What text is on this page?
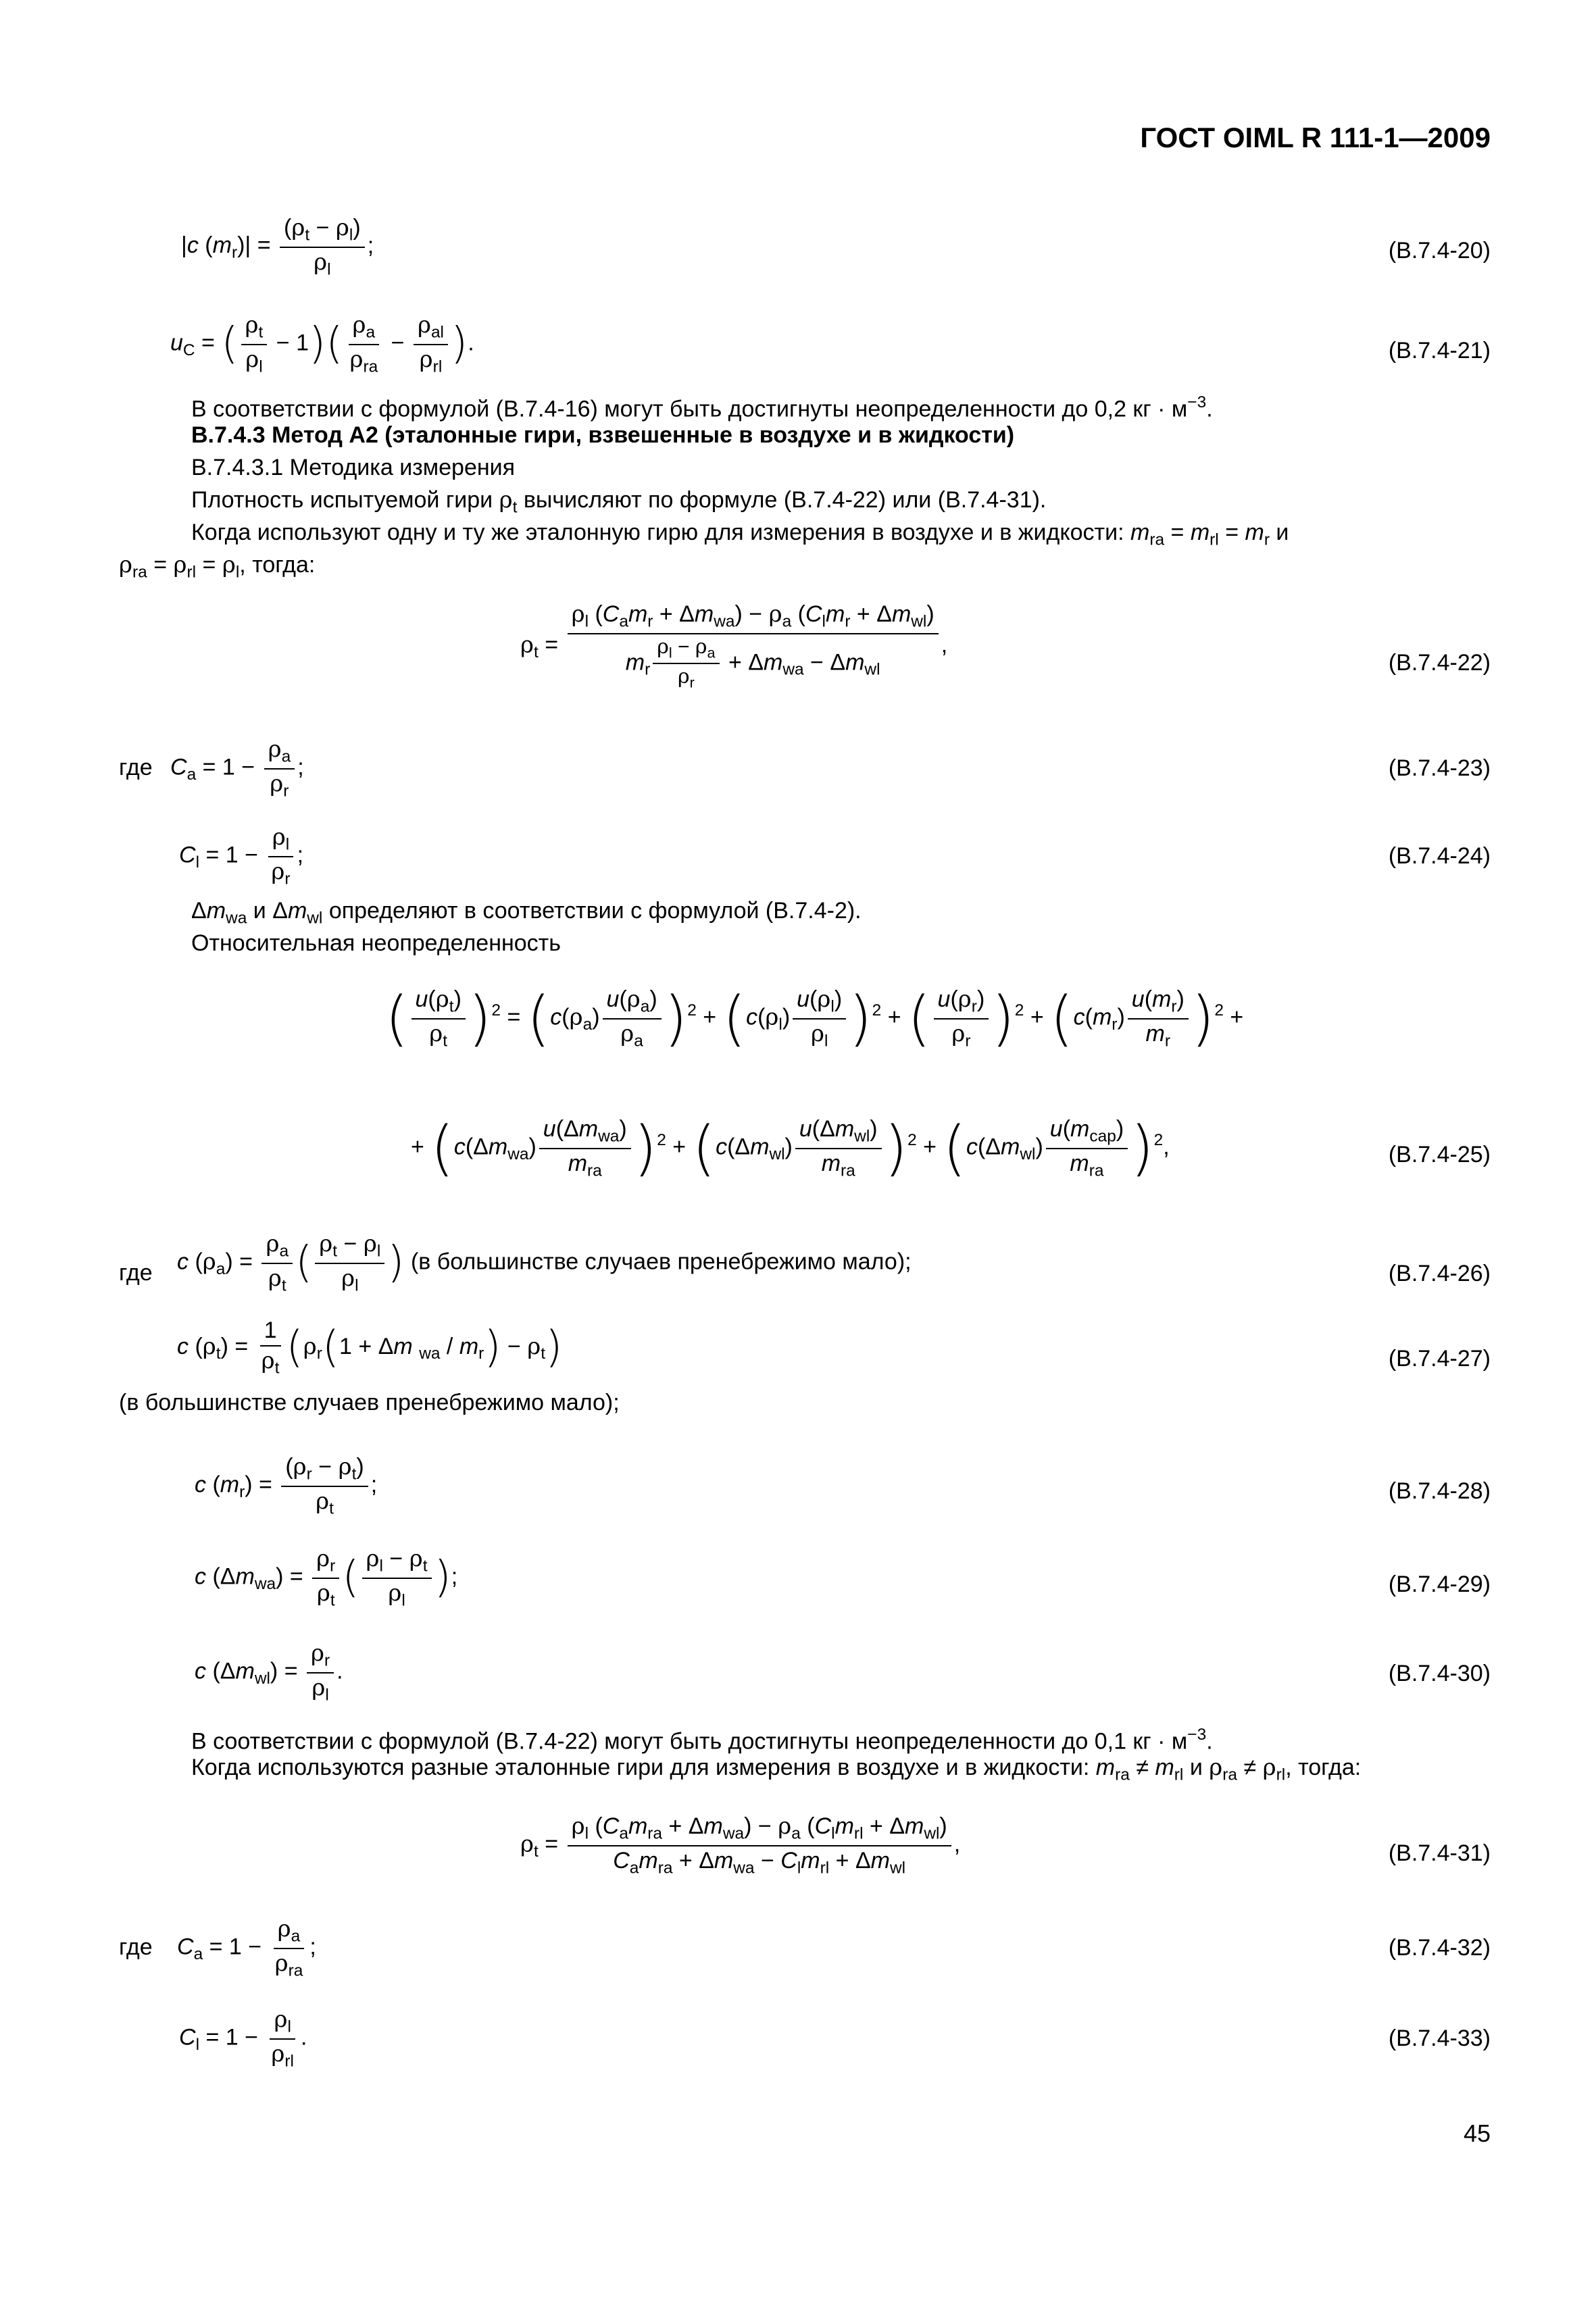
ГОСТ OIML R 111-1—2009
|c $(m_r)| = \frac{(\rho_t - \rho_l)}{\rho_l}$ ;	(B.7.4-20)
$u_C$ = ( $\frac{\rho_t}{\rho_l} - 1)( \frac{\rho_a}{\rho_{ra}} - \frac{\rho_{al}}{\rho_{rl}}$ ).	(B.7.4-21)
В соответствии с формулой (B.7.4-16) могут быть достигнуты неопределенности до 0,2 кг · $м^{-3}$.
В.7.4.3 Метод А2 (эталонные гири, взвешенные в воздухе и в жидкости)
В.7.4.3.1 Методика измерения
Плотность испытуемой гири $\rho_t$ вычисляют по формуле (B.7.4-22) или (B.7.4-31).
Когда используют одну и ту же эталонную гирю для измерения в воздухе и в жидкости: $m_{ra} = m_{rl} = m_r$ и
$\rho_{ra} = \rho_{rl} = \rho_l$, тогда:
$\rho_t = \frac{\rho_l (C_am_r + \Delta m_{wa}) - \rho_a (C_lm_r + \Delta m_{wl})}{m_r \frac{\rho_l - \rho_a}{\rho_r} + \Delta m_{wa} - \Delta m_{wl}}$ ,
(B.7.4-22)
где $C_a = 1 - \frac{\rho_a}{\rho_r}$ ;	(B.7.4-23)
$C_l = 1 - \frac{\rho_l}{\rho_r}$ ;	(B.7.4-24)
$\Delta m_{wa}$ и $\Delta m_{wl}$ определяют в соответствии с формулой (B.7.4-2).
Относительная неопределенность
( $\frac{u(\rho_t)}{\rho_t} )^2 = (c(\rho_a) \frac{u(\rho_a)}{\rho_a} )^2 + (c(\rho_l) \frac{u(\rho_l)}{\rho_l} )^2$ + ( $\frac{u(\rho_r)}{\rho_r} )^2 + (c(m_r) \frac{u(m_r)}{m_r} )^2$ +
+ $(c(\Delta m_{wa}) \frac{u(\Delta m_{wa})}{m_{ra}} )^2 + (c(\Delta m_{wl}) \frac{u(\Delta m_{wl})}{m_{ra}} )^2 + (c(\Delta m_{wl}) \frac{u(m_{cap})}{m_{ra}} )^2$,	(B.7.4-25)
где c $(\rho_a) = \frac{\rho_a}{\rho_t}$ ( $\frac{\rho_t - \rho_l}{\rho_l}$ ) (в большинстве случаев пренебрежимо мало);	(B.7.4-26)
c $(\rho_t) = \frac{1}{\rho_t} (\rho_r(1 + \Delta m$ $_{wa} / m_r) - \rho_t$)	(B.7.4-27)
(в большинстве случаев пренебрежимо мало);
c $(m_r) = \frac{(\rho_r - \rho_t)}{\rho_t}$ ;	(B.7.4-28)
c $(\Delta m_{wa}) = \frac{\rho_r}{\rho_t}$ ( $\frac{\rho_l - \rho_t}{\rho_l}$ );	(B.7.4-29)
c $(\Delta m_{wl}) = \frac{\rho_r}{\rho_l}$ .	(B.7.4-30)
В соответствии с формулой (B.7.4-22) могут быть достигнуты неопределенности до 0,1 кг · $м^{-3}$.
Когда используются разные эталонные гири для измерения в воздухе и в жидкости: $m_{ra} \ne m_{rl}$ и $\rho_{ra} \ne \rho_{rl}$, тогда:
$\rho_t = \frac{\rho_l (C_am_{ra} + \Delta m_{wa}) - \rho_a (C_lm_{rl} + \Delta m_{wl})}{C_am_{ra} + \Delta m_{wa} - C_lm_{rl} + \Delta m_{wl}}$ ,	(B.7.4-31)
где $C_a = 1 - \frac{\rho_a}{\rho_{ra}}$ ;	(B.7.4-32)
$C_l = 1 - \frac{\rho_l}{\rho_{rl}}$ .	(B.7.4-33)
45
